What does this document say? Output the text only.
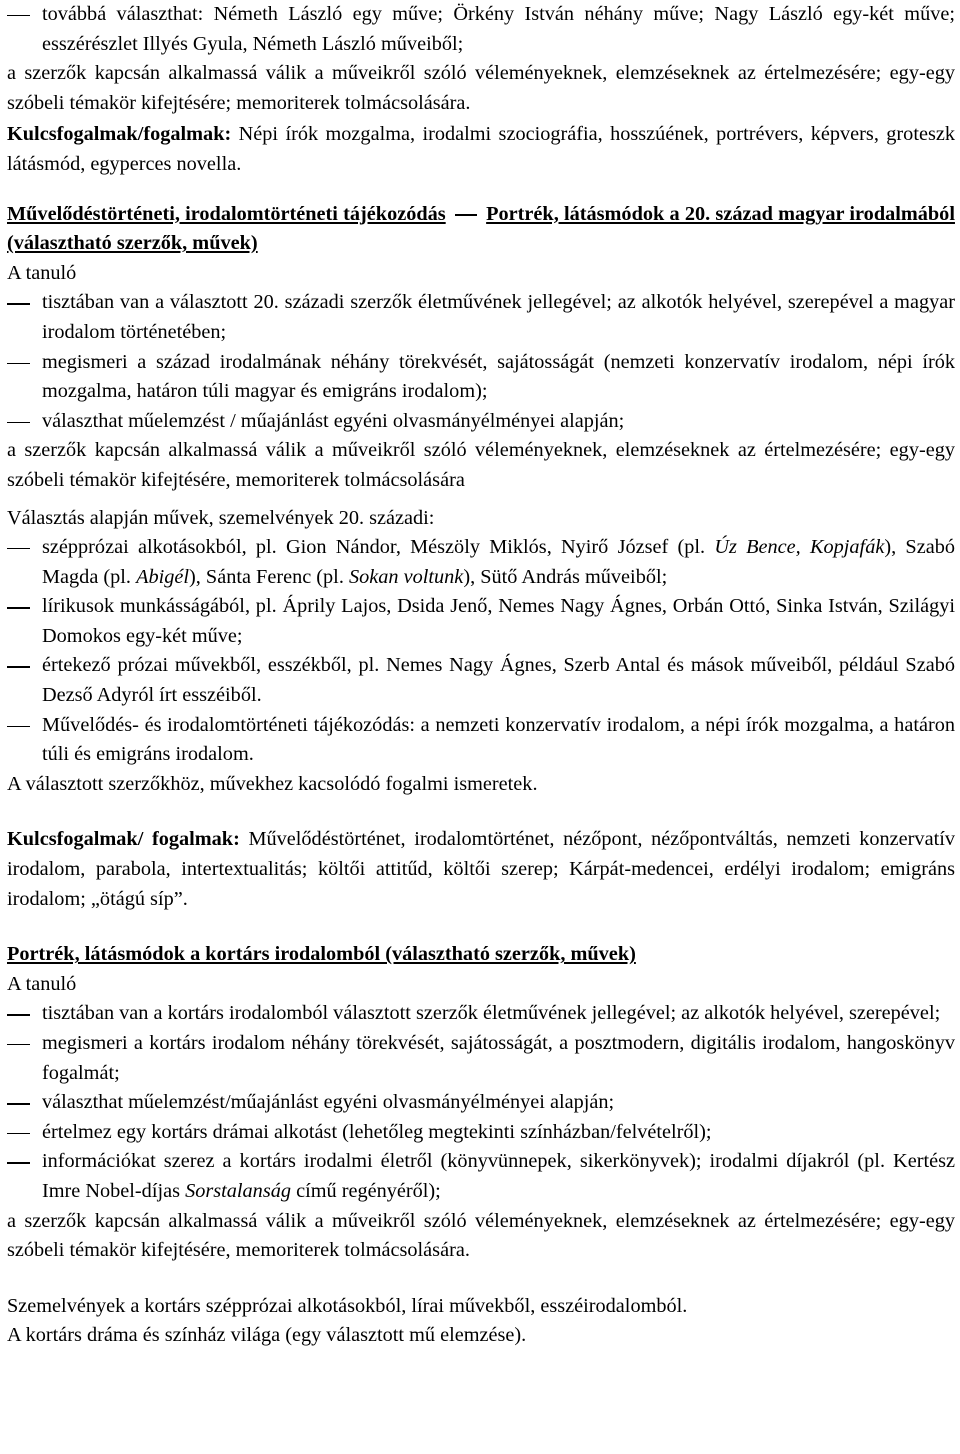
továbbá választhat: Németh László egy műve; Örkény István néhány műve; Nagy László egy-két műve; esszérészlet Illyés Gyula, Németh László műveiből;

a szerzők kapcsán alkalmassá válik a műveikről szóló véleményeknek, elemzéseknek az értelmezésére; egy-egy szóbeli témakör kifejtésére; memoriterek tolmácsolására.

Kulcsfogalmak/fogalmak: Népi írók mozgalma, irodalmi szociográfia, hosszúének, portrévers, képvers, groteszk látásmód, egyperces novella.

Művelődéstörténeti, irodalomtörténeti tájékozódás Portrék, látásmódok a 20. század magyar irodalmából (választható szerzők, művek)

A tanuló

tisztában van a választott 20. századi szerzők életművének jellegével; az alkotók helyével, szerepével a magyar irodalom történetében;
megismeri a század irodalmának néhány törekvését, sajátosságát (nemzeti konzervatív irodalom, népi írók mozgalma, határon túli magyar és emigráns irodalom);
választhat műelemzést / műajánlást egyéni olvasmányélményei alapján;

a szerzők kapcsán alkalmassá válik a műveikről szóló véleményeknek, elemzéseknek az értelmezésére; egy-egy szóbeli témakör kifejtésére, memoriterek tolmácsolására

Választás alapján művek, szemelvények 20. századi:

szépprózai alkotásokból, pl. Gion Nándor, Mészöly Miklós, Nyirő József (pl. Úz Bence, Kopjafák), Szabó Magda (pl. Abigél), Sánta Ferenc (pl. Sokan voltunk), Sütő András műveiből;
lírikusok munkásságából, pl. Áprily Lajos, Dsida Jenő, Nemes Nagy Ágnes, Orbán Ottó, Sinka István, Szilágyi Domokos egy-két műve;
értekező prózai művekből, esszékből, pl. Nemes Nagy Ágnes, Szerb Antal és mások műveiből, például Szabó Dezső Adyról írt esszéiből.
Művelődés- és irodalomtörténeti tájékozódás: a nemzeti konzervatív irodalom, a népi írók mozgalma, a határon túli és emigráns irodalom.

A választott szerzőkhöz, művekhez kacsolódó fogalmi ismeretek.

Kulcsfogalmak/ fogalmak: Művelődéstörténet, irodalomtörténet, nézőpont, nézőpontváltás, nemzeti konzervatív irodalom, parabola, intertextualitás; költői attitűd, költői szerep; Kárpát-medencei, erdélyi irodalom; emigráns irodalom; „ötágú síp”.

Portrék, látásmódok a kortárs irodalomból (választható szerzők, művek)

A tanuló

tisztában van a kortárs irodalomból választott szerzők életművének jellegével; az alkotók helyével, szerepével;
megismeri a kortárs irodalom néhány törekvését, sajátosságát, a posztmodern, digitális irodalom, hangoskönyv fogalmát;
választhat műelemzést/műajánlást egyéni olvasmányélményei alapján;
értelmez egy kortárs drámai alkotást (lehetőleg megtekinti színházban/felvételről);
információkat szerez a kortárs irodalmi életről (könyvünnepek, sikerkönyvek); irodalmi díjakról (pl. Kertész Imre Nobel-díjas Sorstalanság című regényéről);

a szerzők kapcsán alkalmassá válik a műveikről szóló véleményeknek, elemzéseknek az értelmezésére; egy-egy szóbeli témakör kifejtésére, memoriterek tolmácsolására.

Szemelvények a kortárs szépprózai alkotásokból, lírai művekből, esszéirodalomból.

A kortárs dráma és színház világa (egy választott mű elemzése).
